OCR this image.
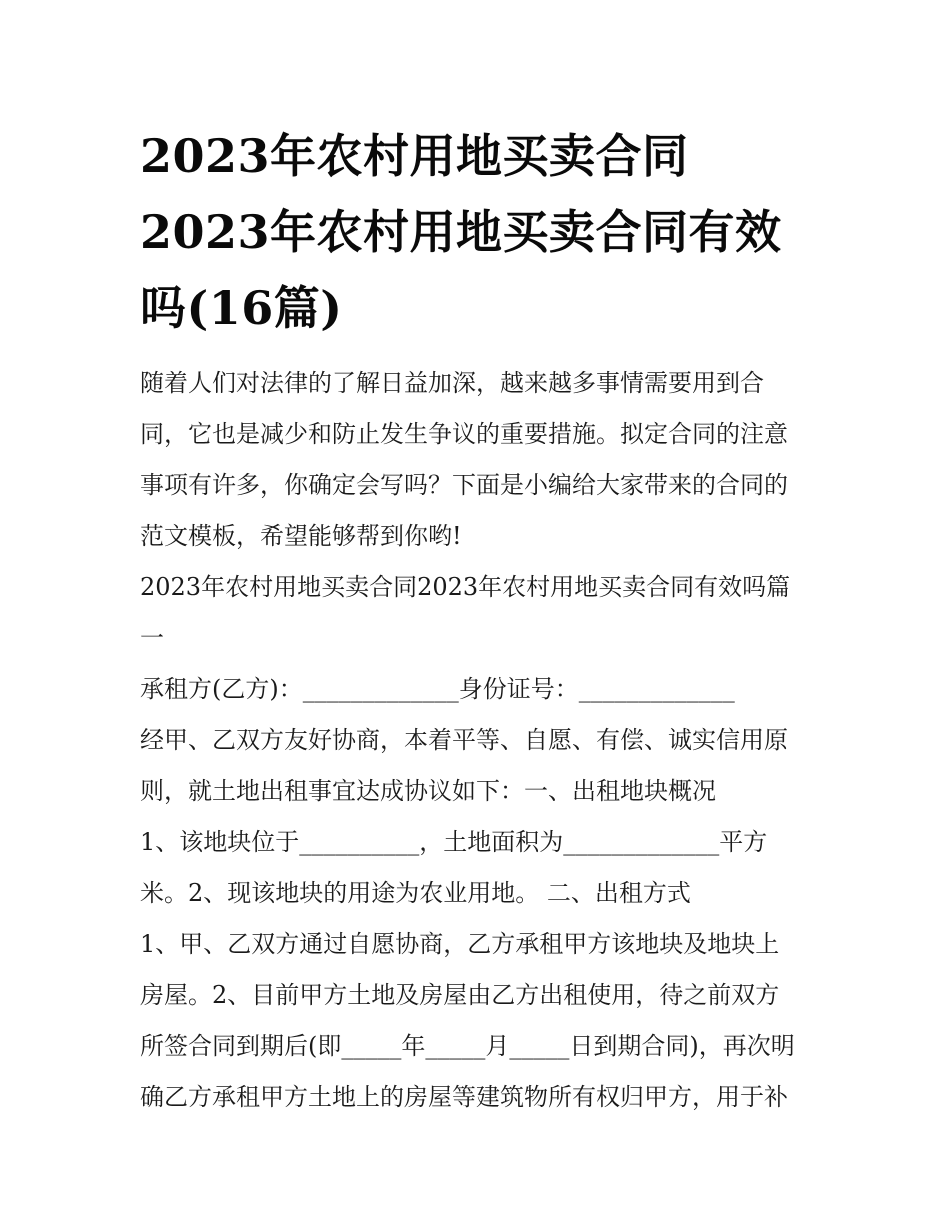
2023年农村用地买卖合同
2023年农村用地买卖合同有效
吗(16篇)

随着人们对法律的了解日益加深，越来越多事情需要用到合
同，它也是减少和防止发生争议的重要措施。拟定合同的注意
事项有许多，你确定会写吗？下面是小编给大家带来的合同的
范文模板，希望能够帮到你哟!

2023年农村用地买卖合同2023年农村用地买卖合同有效吗篇
一

承租方(乙方)：_____________身份证号：_____________

经甲、乙双方友好协商，本着平等、自愿、有偿、诚实信用原
则，就土地出租事宜达成协议如下：一、出租地块概况
1、该地块位于__________，土地面积为_____________平方
米。2、现该地块的用途为农业用地。 二、出租方式
1、甲、乙双方通过自愿协商，乙方承租甲方该地块及地块上
房屋。2、目前甲方土地及房屋由乙方出租使用，待之前双方
所签合同到期后(即_____年_____月_____日到期合同)，再次明
确乙方承租甲方土地上的房屋等建筑物所有权归甲方，用于补
